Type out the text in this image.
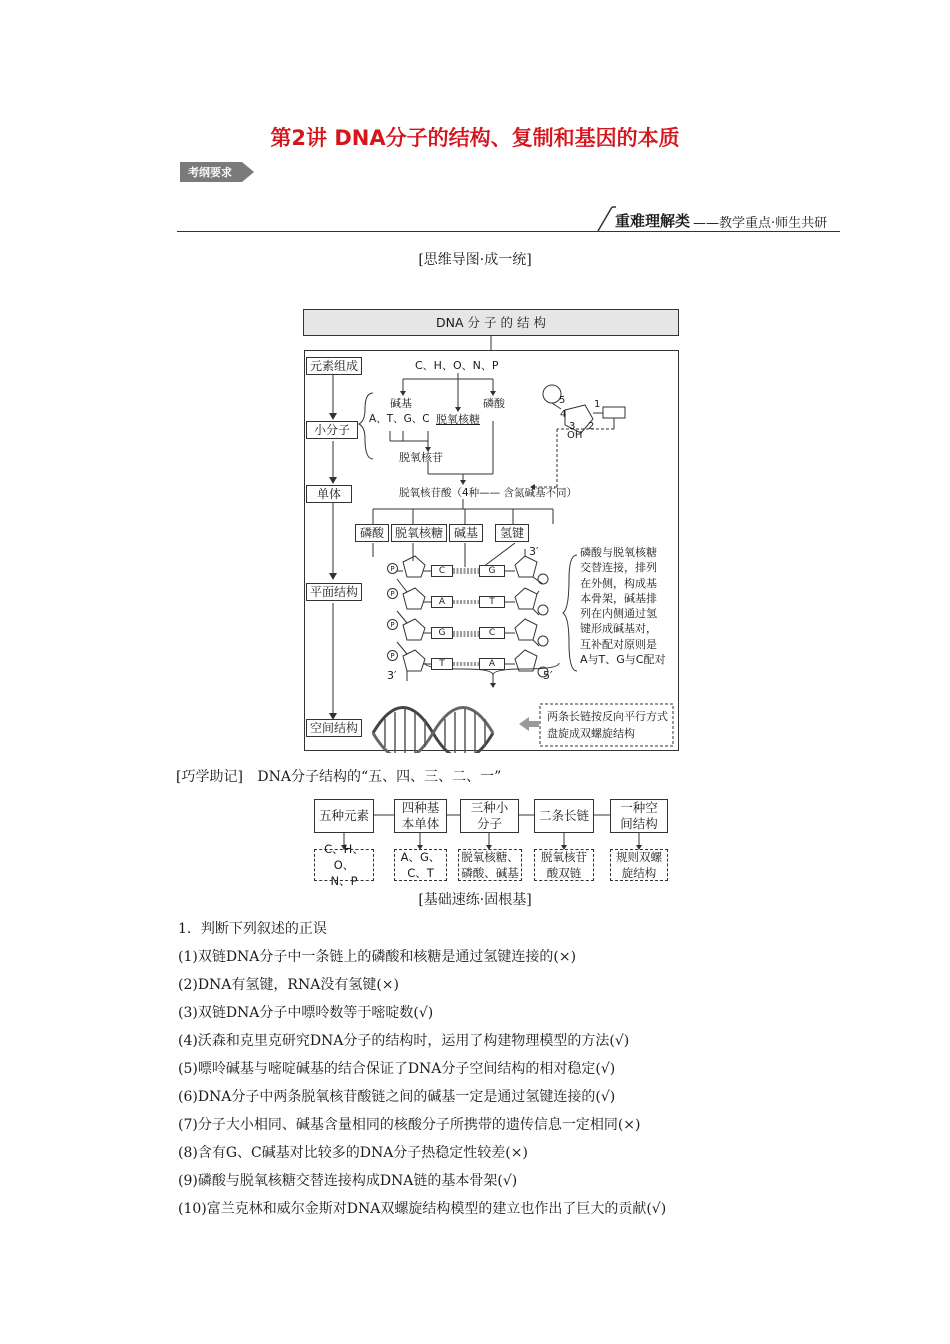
第2讲 DNA分子的结构、复制和基因的本质
考纲要求
重难理解类 ——教学重点·师生共研
[思维导图·成一统]
DNA 分 子 的 结 构
元素组成
小分子
单体
平面结构
空间结构
C、H、O、N、P
碱基	磷酸
A、T、G、C 脱氧核糖
脱氧核苷
脱氧核苷酸（4种—— 含氮碱基不同）
5
4
3 2
1
OH
磷酸 脱氧核糖 碱基	氢键
P
P
P
P
C	G
A	T
G	C
T	A
3′
3′	5′
磷酸与脱氧核糖
交替连接，排列
在外侧，构成基
本骨架，碱基排
列在内侧通过氢
键形成碱基对，
互补配对原则是
A与T、G与C配对
两条长链按反向平行方式
盘旋成双螺旋结构
[巧学助记] DNA分子结构的“五、四、三、二、一”
五种元素
四种基
本单体
三种小
分子
二条长链
一种空
间结构
C、H、O、
N、P
A、G、
C、T
脱氧核糖、
磷酸、碱基
脱氧核苷
酸双链
规则双螺
旋结构
[基础速练·固根基]
1．判断下列叙述的正误
(1)双链DNA分子中一条链上的磷酸和核糖是通过氢键连接的(×)
(2)DNA有氢键，RNA没有氢键(×)
(3)双链DNA分子中嘌呤数等于嘧啶数(√)
(4)沃森和克里克研究DNA分子的结构时，运用了构建物理模型的方法(√)
(5)嘌呤碱基与嘧啶碱基的结合保证了DNA分子空间结构的相对稳定(√)
(6)DNA分子中两条脱氧核苷酸链之间的碱基一定是通过氢键连接的(√)
(7)分子大小相同、碱基含量相同的核酸分子所携带的遗传信息一定相同(×)
(8)含有G、C碱基对比较多的DNA分子热稳定性较差(×)
(9)磷酸与脱氧核糖交替连接构成DNA链的基本骨架(√)
(10)富兰克林和威尔金斯对DNA双螺旋结构模型的建立也作出了巨大的贡献(√)
